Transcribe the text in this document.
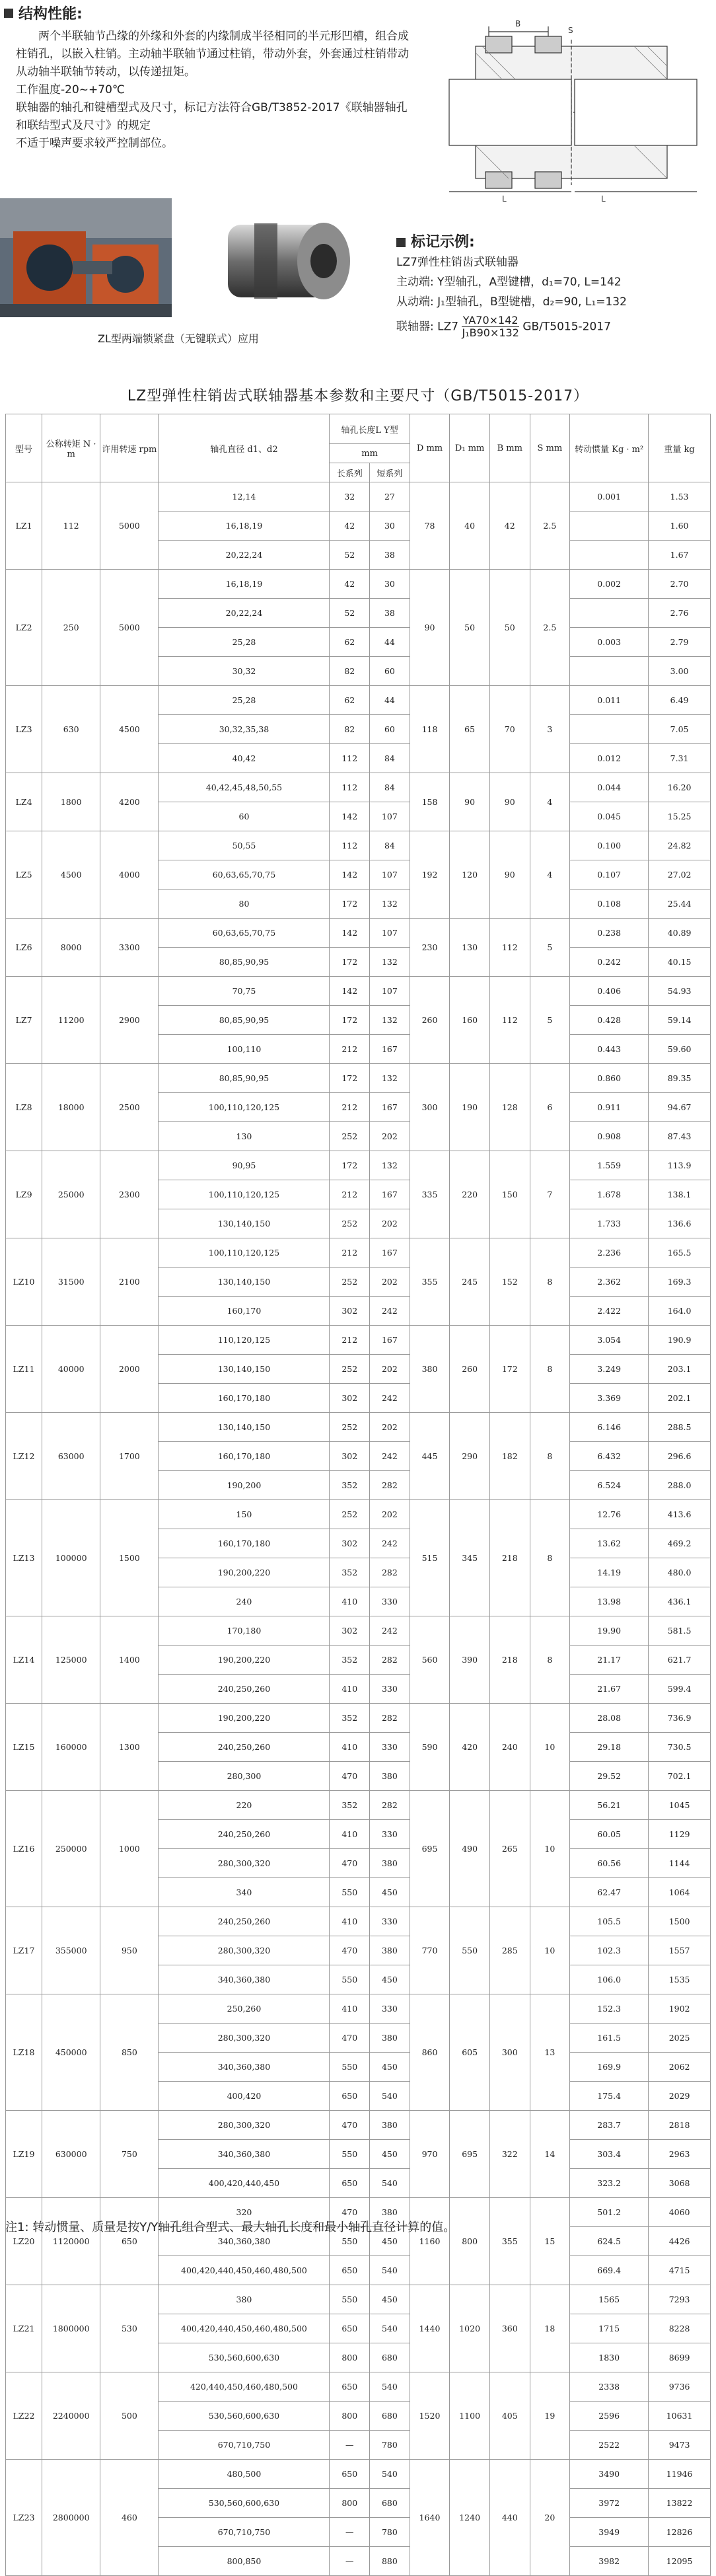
结构性能:

两个半联轴节凸缘的外缘和外套的内缘制成半径相同的半元形凹槽，组合成柱销孔，以嵌入柱销。主动轴半联轴节通过柱销，带动外套，外套通过柱销带动从动轴半联轴节转动，以传递扭矩。

工作温度-20~+70℃

联轴器的轴孔和键槽型式及尺寸，标记方法符合GB/T3852-2017《联轴器轴孔和联结型式及尺寸》的规定

不适于噪声要求较严控制部位。

B
L
L
S
ZL型两端锁紧盘（无键联式）应用
标记示例:
LZ7弹性柱销齿式联轴器
主动端: Y型轴孔，A型键槽，d₁=70, L=142
从动端: J₁型轴孔，B型键槽，d₂=90, L₁=132
联轴器: $LZ7 \frac{YA70\times 142}{\text{J₁B90×132}} GB/T5015-2017$
LZ型弹性柱销齿式联轴器基本参数和主要尺寸（GB/T5015-2017）
型号	公称转矩 N · m	许用转速 rpm	轴孔直径 d1、d2	轴孔长度L Y型		D mm	D₁ mm	B mm	S mm	转动惯量 Kg · m²	重量 kg
				mm							
				长系列	短系列						
LZ1	112	5000	12,14	32	27	78	40	42	2.5	0.001	1.53
			16,18,19	42	30						1.60
			20,22,24	52	38						1.67
LZ2	250	5000	16,18,19	42	30	90	50	50	2.5	0.002	2.70
			20,22,24	52	38						2.76
			25,28	62	44					0.003	2.79
			30,32	82	60						3.00
LZ3	630	4500	25,28	62	44	118	65	70	3	0.011	6.49
			30,32,35,38	82	60						7.05
			40,42	112	84					0.012	7.31
LZ4	1800	4200	40,42,45,48,50,55	112	84	158	90	90	4	0.044	16.20
			60	142	107					0.045	15.25
LZ5	4500	4000	50,55	112	84	192	120	90	4	0.100	24.82
			60,63,65,70,75	142	107					0.107	27.02
			80	172	132					0.108	25.44
LZ6	8000	3300	60,63,65,70,75	142	107	230	130	112	5	0.238	40.89
			80,85,90,95	172	132					0.242	40.15
LZ7	11200	2900	70,75	142	107	260	160	112	5	0.406	54.93
			80,85,90,95	172	132					0.428	59.14
			100,110	212	167					0.443	59.60
LZ8	18000	2500	80,85,90,95	172	132	300	190	128	6	0.860	89.35
			100,110,120,125	212	167					0.911	94.67
			130	252	202					0.908	87.43
LZ9	25000	2300	90,95	172	132	335	220	150	7	1.559	113.9
			100,110,120,125	212	167					1.678	138.1
			130,140,150	252	202					1.733	136.6
LZ10	31500	2100	100,110,120,125	212	167	355	245	152	8	2.236	165.5
			130,140,150	252	202					2.362	169.3
			160,170	302	242					2.422	164.0
LZ11	40000	2000	110,120,125	212	167	380	260	172	8	3.054	190.9
			130,140,150	252	202					3.249	203.1
			160,170,180	302	242					3.369	202.1
LZ12	63000	1700	130,140,150	252	202	445	290	182	8	6.146	288.5
			160,170,180	302	242					6.432	296.6
			190,200	352	282					6.524	288.0
LZ13	100000	1500	150	252	202	515	345	218	8	12.76	413.6
			160,170,180	302	242					13.62	469.2
			190,200,220	352	282					14.19	480.0
			240	410	330					13.98	436.1
LZ14	125000	1400	170,180	302	242	560	390	218	8	19.90	581.5
			190,200,220	352	282					21.17	621.7
			240,250,260	410	330					21.67	599.4
LZ15	160000	1300	190,200,220	352	282	590	420	240	10	28.08	736.9
			240,250,260	410	330					29.18	730.5
			280,300	470	380					29.52	702.1
LZ16	250000	1000	220	352	282	695	490	265	10	56.21	1045
			240,250,260	410	330					60.05	1129
			280,300,320	470	380					60.56	1144
			340	550	450					62.47	1064
LZ17	355000	950	240,250,260	410	330	770	550	285	10	105.5	1500
			280,300,320	470	380					102.3	1557
			340,360,380	550	450					106.0	1535
LZ18	450000	850	250,260	410	330	860	605	300	13	152.3	1902
			280,300,320	470	380					161.5	2025
			340,360,380	550	450					169.9	2062
			400,420	650	540					175.4	2029
LZ19	630000	750	280,300,320	470	380	970	695	322	14	283.7	2818
			340,360,380	550	450					303.4	2963
			400,420,440,450	650	540					323.2	3068
LZ20	1120000	650	320	470	380	1160	800	355	15	501.2	4060
			340,360,380	550	450					624.5	4426
			400,420,440,450,460,480,500	650	540					669.4	4715
LZ21	1800000	530	380	550	450	1440	1020	360	18	1565	7293
			400,420,440,450,460,480,500	650	540					1715	8228
			530,560,600,630	800	680					1830	8699
LZ22	2240000	500	420,440,450,460,480,500	650	540	1520	1100	405	19	2338	9736
			530,560,600,630	800	680					2596	10631
			670,710,750	—	780					2522	9473
LZ23	2800000	460	480,500	650	540	1640	1240	440	20	3490	11946
			530,560,600,630	800	680					3972	13822
			670,710,750	—	780					3949	12826
			800,850	—	880					3982	12095
注1: 转动惯量、质量是按Y/Y轴孔组合型式、最大轴孔长度和最小轴孔直径计算的值。
